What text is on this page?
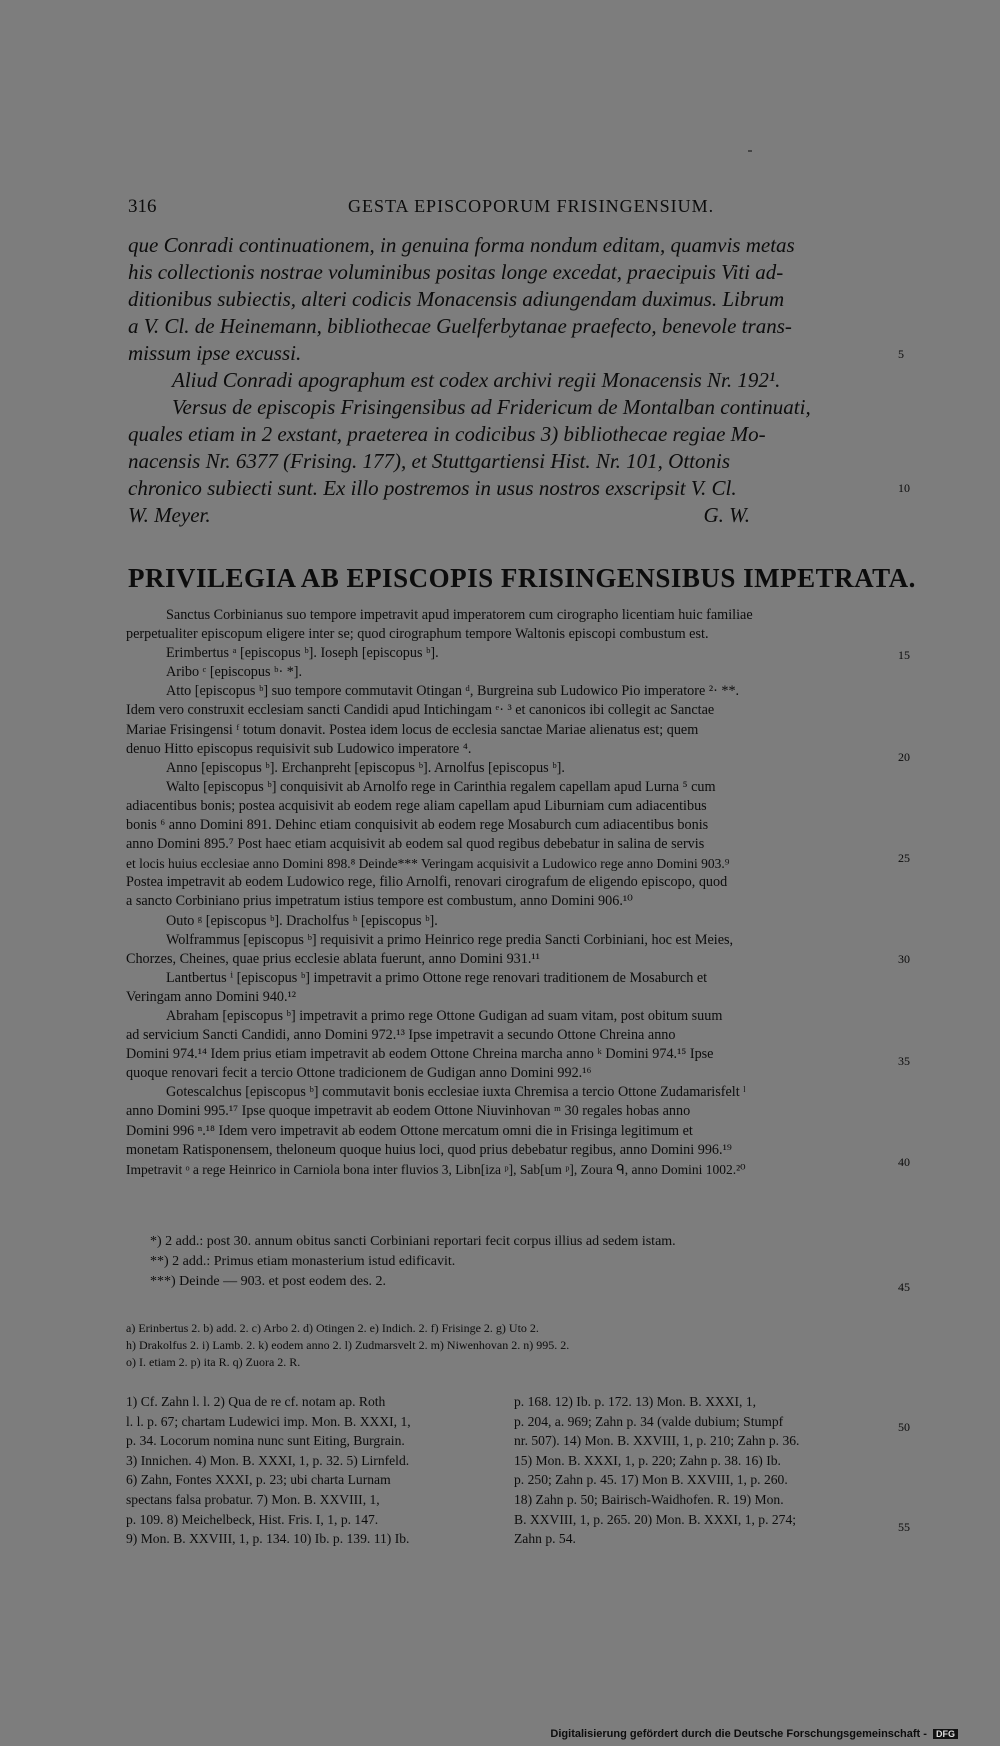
316	GESTA EPISCOPORUM FRISINGENSIUM.
que Conradi continuationem, in genuina forma nondum editam, quamvis metas
his collectionis nostrae voluminibus positas longe excedat, praecipuis Viti ad-
ditionibus subiectis, alteri codicis Monacensis adiungendam duximus. Librum
a V. Cl. de Heinemann, bibliothecae Guelferbytanae praefecto, benevole trans-
missum ipse excussi.
Aliud Conradi apographum est codex archivi regii Monacensis Nr. 192¹.
Versus de episcopis Frisingensibus ad Fridericum de Montalban continuati,
quales etiam in 2 exstant, praeterea in codicibus 3) bibliothecae regiae Mo-
nacensis Nr. 6377 (Frising. 177), et Stuttgartiensi Hist. Nr. 101, Ottonis
chronico subiecti sunt. Ex illo postremos in usus nostros exscripsit V. Cl.
W. Meyer.	G. W.
5
10
15
20
25
30
35
40
45
50
55
PRIVILEGIA AB EPISCOPIS FRISINGENSIBUS IMPETRATA.
Sanctus Corbinianus suo tempore impetravit apud imperatorem cum cirographo licentiam huic familiae
perpetualiter episcopum eligere inter se; quod cirographum tempore Waltonis episcopi combustum est.
Erimbertus ᵃ [episcopus ᵇ]. Ioseph [episcopus ᵇ].
Aribo ᶜ [episcopus ᵇ· *].
Atto [episcopus ᵇ] suo tempore commutavit Otingan ᵈ, Burgreina sub Ludowico Pio imperatore ²· **.
Idem vero construxit ecclesiam sancti Candidi apud Intichingam ᵉ· ³ et canonicos ibi collegit ac Sanctae
Mariae Frisingensi ᶠ totum donavit. Postea idem locus de ecclesia sanctae Mariae alienatus est; quem
denuo Hitto episcopus requisivit sub Ludowico imperatore ⁴.
Anno [episcopus ᵇ]. Erchanpreht [episcopus ᵇ]. Arnolfus [episcopus ᵇ].
Walto [episcopus ᵇ] conquisivit ab Arnolfo rege in Carinthia regalem capellam apud Lurna ⁵ cum
adiacentibus bonis; postea acquisivit ab eodem rege aliam capellam apud Liburniam cum adiacentibus
bonis ⁶ anno Domini 891. Dehinc etiam conquisivit ab eodem rege Mosaburch cum adiacentibus bonis
anno Domini 895.⁷ Post haec etiam acquisivit ab eodem sal quod regibus debebatur in salina de servis
et locis huius ecclesiae anno Domini 898.⁸ Deinde*** Veringam acquisivit a Ludowico rege anno Domini 903.⁹
Postea impetravit ab eodem Ludowico rege, filio Arnolfi, renovari cirografum de eligendo episcopo, quod
a sancto Corbiniano prius impetratum istius tempore est combustum, anno Domini 906.¹⁰
Outo ᵍ [episcopus ᵇ]. Dracholfus ʰ [episcopus ᵇ].
Wolframmus [episcopus ᵇ] requisivit a primo Heinrico rege predia Sancti Corbiniani, hoc est Meies,
Chorzes, Cheines, quae prius ecclesie ablata fuerunt, anno Domini 931.¹¹
Lantbertus ⁱ [episcopus ᵇ] impetravit a primo Ottone rege renovari traditionem de Mosaburch et
Veringam anno Domini 940.¹²
Abraham [episcopus ᵇ] impetravit a primo rege Ottone Gudigan ad suam vitam, post obitum suum
ad servicium Sancti Candidi, anno Domini 972.¹³ Ipse impetravit a secundo Ottone Chreina anno
Domini 974.¹⁴ Idem prius etiam impetravit ab eodem Ottone Chreina marcha anno ᵏ Domini 974.¹⁵ Ipse
quoque renovari fecit a tercio Ottone tradicionem de Gudigan anno Domini 992.¹⁶
Gotescalchus [episcopus ᵇ] commutavit bonis ecclesiae iuxta Chremisa a tercio Ottone Zudamarisfelt ˡ
anno Domini 995.¹⁷ Ipse quoque impetravit ab eodem Ottone Niuvinhovan ᵐ 30 regales hobas anno
Domini 996 ⁿ.¹⁸ Idem vero impetravit ab eodem Ottone mercatum omni die in Frisinga legitimum et
monetam Ratisponensem, theloneum quoque huius loci, quod prius debebatur regibus, anno Domini 996.¹⁹
Impetravit ᵒ a rege Heinrico in Carniola bona inter fluvios 3, Libn[iza ᵖ], Sab[um ᵖ], Zoura ᑫ, anno Domini 1002.²⁰
*) 2 add.: post 30. annum obitus sancti Corbiniani reportari fecit corpus illius ad sedem istam.
**) 2 add.: Primus etiam monasterium istud edificavit.
***) Deinde — 903. et post eodem des. 2.
a) Erinbertus 2. b) add. 2. c) Arbo 2. d) Otingen 2. e) Indich. 2. f) Frisinge 2. g) Uto 2.
h) Drakolfus 2. i) Lamb. 2. k) eodem anno 2. l) Zudmarsvelt 2. m) Niwenhovan 2. n) 995. 2.
o) I. etiam 2. p) ita R. q) Zuora 2. R.
1) Cf. Zahn l. l. 2) Qua de re cf. notam ap. Roth
l. l. p. 67; chartam Ludewici imp. Mon. B. XXXI, 1,
p. 34. Locorum nomina nunc sunt Eiting, Burgrain.
3) Innichen. 4) Mon. B. XXXI, 1, p. 32. 5) Lirnfeld.
6) Zahn, Fontes XXXI, p. 23; ubi charta Lurnam
spectans falsa probatur. 7) Mon. B. XXVIII, 1,
p. 109. 8) Meichelbeck, Hist. Fris. I, 1, p. 147.
9) Mon. B. XXVIII, 1, p. 134. 10) Ib. p. 139. 11) Ib.
p. 168. 12) Ib. p. 172. 13) Mon. B. XXXI, 1,
p. 204, a. 969; Zahn p. 34 (valde dubium; Stumpf
nr. 507). 14) Mon. B. XXVIII, 1, p. 210; Zahn p. 36.
15) Mon. B. XXXI, 1, p. 220; Zahn p. 38. 16) Ib.
p. 250; Zahn p. 45. 17) Mon B. XXVIII, 1, p. 260.
18) Zahn p. 50; Bairisch-Waidhofen. R. 19) Mon.
B. XXVIII, 1, p. 265. 20) Mon. B. XXXI, 1, p. 274;
Zahn p. 54.
Digitalisierung gefördert durch die Deutsche Forschungsgemeinschaft - DFG
